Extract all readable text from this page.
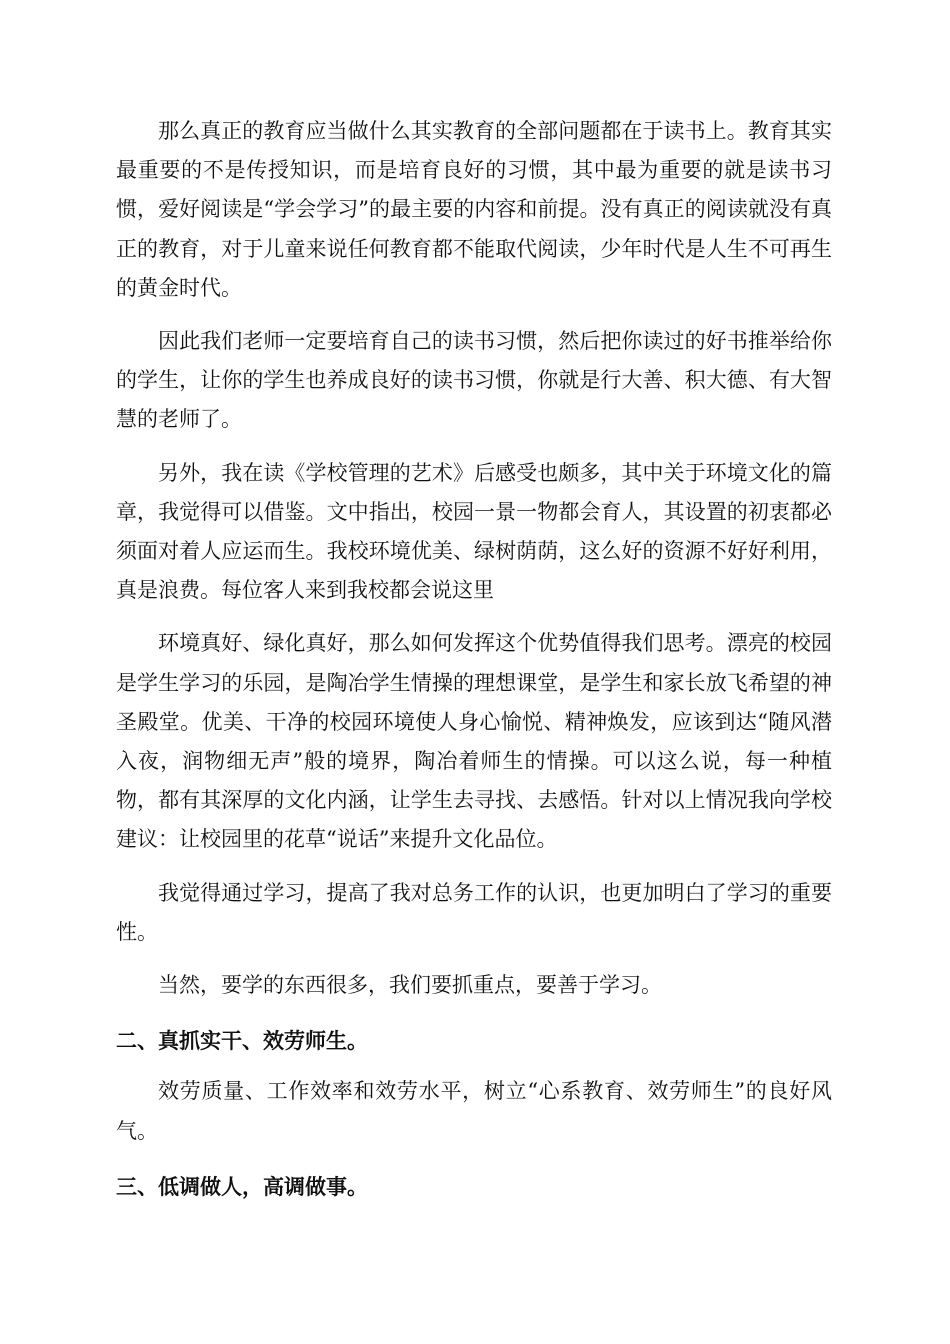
那么真正的教育应当做什么其实教育的全部问题都在于读书上。教育其实最重要的不是传授知识，而是培育良好的习惯，其中最为重要的就是读书习惯，爱好阅读是“学会学习”的最主要的内容和前提。没有真正的阅读就没有真正的教育，对于儿童来说任何教育都不能取代阅读，少年时代是人生不可再生的黄金时代。

因此我们老师一定要培育自己的读书习惯，然后把你读过的好书推举给你的学生，让你的学生也养成良好的读书习惯，你就是行大善、积大德、有大智慧的老师了。

另外，我在读《学校管理的艺术》后感受也颇多，其中关于环境文化的篇章，我觉得可以借鉴。文中指出，校园一景一物都会育人，其设置的初衷都必须面对着人应运而生。我校环境优美、绿树荫荫，这么好的资源不好好利用，真是浪费。每位客人来到我校都会说这里

环境真好、绿化真好，那么如何发挥这个优势值得我们思考。漂亮的校园是学生学习的乐园，是陶冶学生情操的理想课堂，是学生和家长放飞希望的神圣殿堂。优美、干净的校园环境使人身心愉悦、精神焕发，应该到达“随风潜入夜，润物细无声”般的境界，陶冶着师生的情操。可以这么说，每一种植物，都有其深厚的文化内涵，让学生去寻找、去感悟。针对以上情况我向学校建议：让校园里的花草“说话”来提升文化品位。

我觉得通过学习，提高了我对总务工作的认识，也更加明白了学习的重要性。

当然，要学的东西很多，我们要抓重点，要善于学习。

二、真抓实干、效劳师生。

效劳质量、工作效率和效劳水平，树立“心系教育、效劳师生”的良好风气。

三、低调做人，高调做事。
